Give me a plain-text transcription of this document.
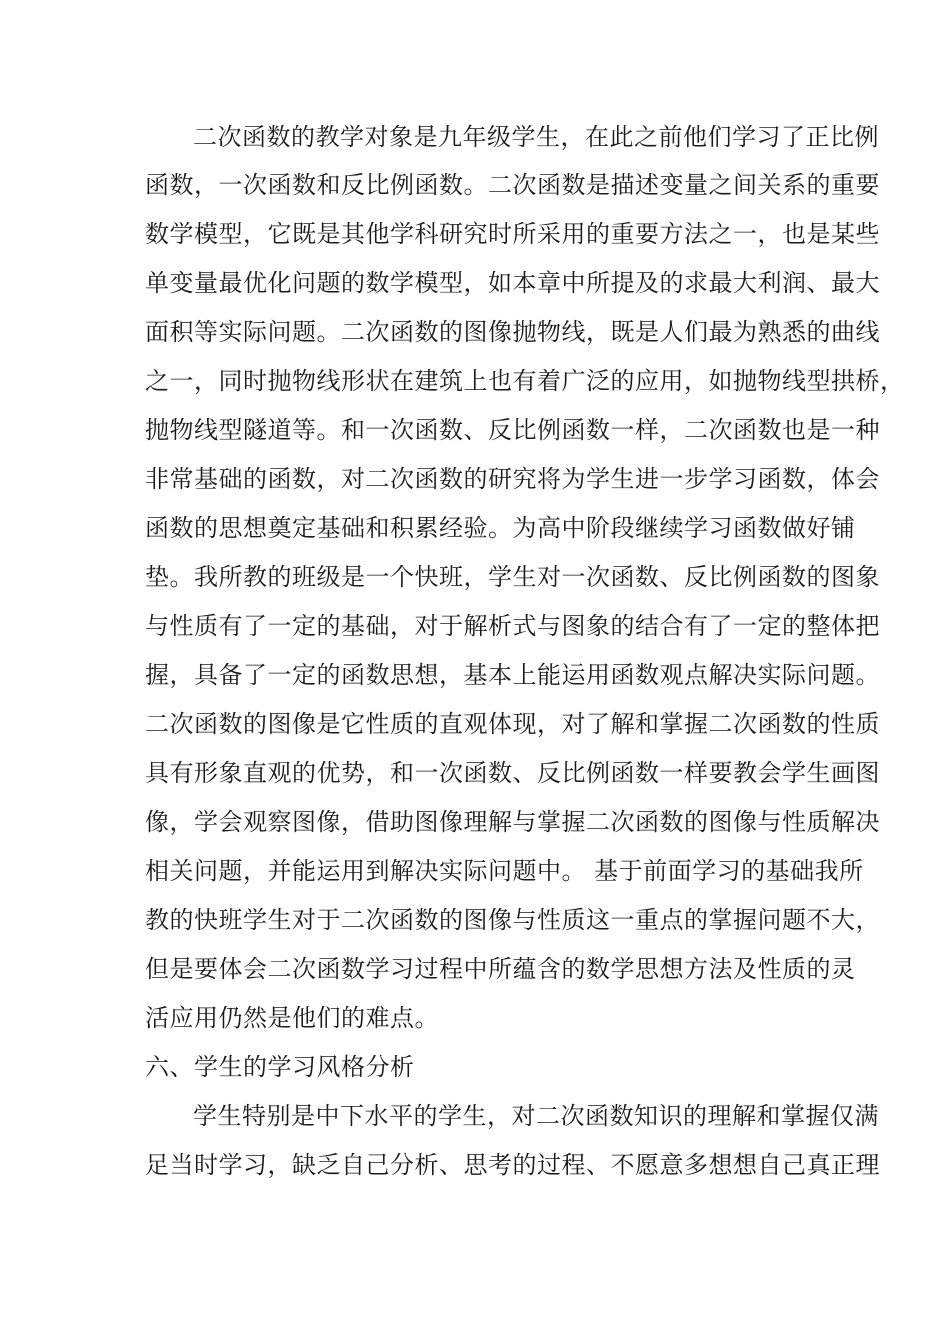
二次函数的教学对象是九年级学生，在此之前他们学习了正比例
函数，一次函数和反比例函数。二次函数是描述变量之间关系的重要
数学模型，它既是其他学科研究时所采用的重要方法之一，也是某些
单变量最优化问题的数学模型，如本章中所提及的求最大利润、最大
面积等实际问题。二次函数的图像抛物线，既是人们最为熟悉的曲线
之一，同时抛物线形状在建筑上也有着广泛的应用，如抛物线型拱桥，
抛物线型隧道等。和一次函数、反比例函数一样，二次函数也是一种
非常基础的函数，对二次函数的研究将为学生进一步学习函数，体会
函数的思想奠定基础和积累经验。为高中阶段继续学习函数做好铺
垫。我所教的班级是一个快班，学生对一次函数、反比例函数的图象
与性质有了一定的基础，对于解析式与图象的结合有了一定的整体把
握，具备了一定的函数思想，基本上能运用函数观点解决实际问题。
二次函数的图像是它性质的直观体现，对了解和掌握二次函数的性质
具有形象直观的优势，和一次函数、反比例函数一样要教会学生画图
像，学会观察图像，借助图像理解与掌握二次函数的图像与性质解决
相关问题，并能运用到解决实际问题中。 基于前面学习的基础我所
教的快班学生对于二次函数的图像与性质这一重点的掌握问题不大，
但是要体会二次函数学习过程中所蕴含的数学思想方法及性质的灵
活应用仍然是他们的难点。
六、学生的学习风格分析
学生特别是中下水平的学生，对二次函数知识的理解和掌握仅满
足当时学习，缺乏自己分析、思考的过程、不愿意多想想自己真正理
